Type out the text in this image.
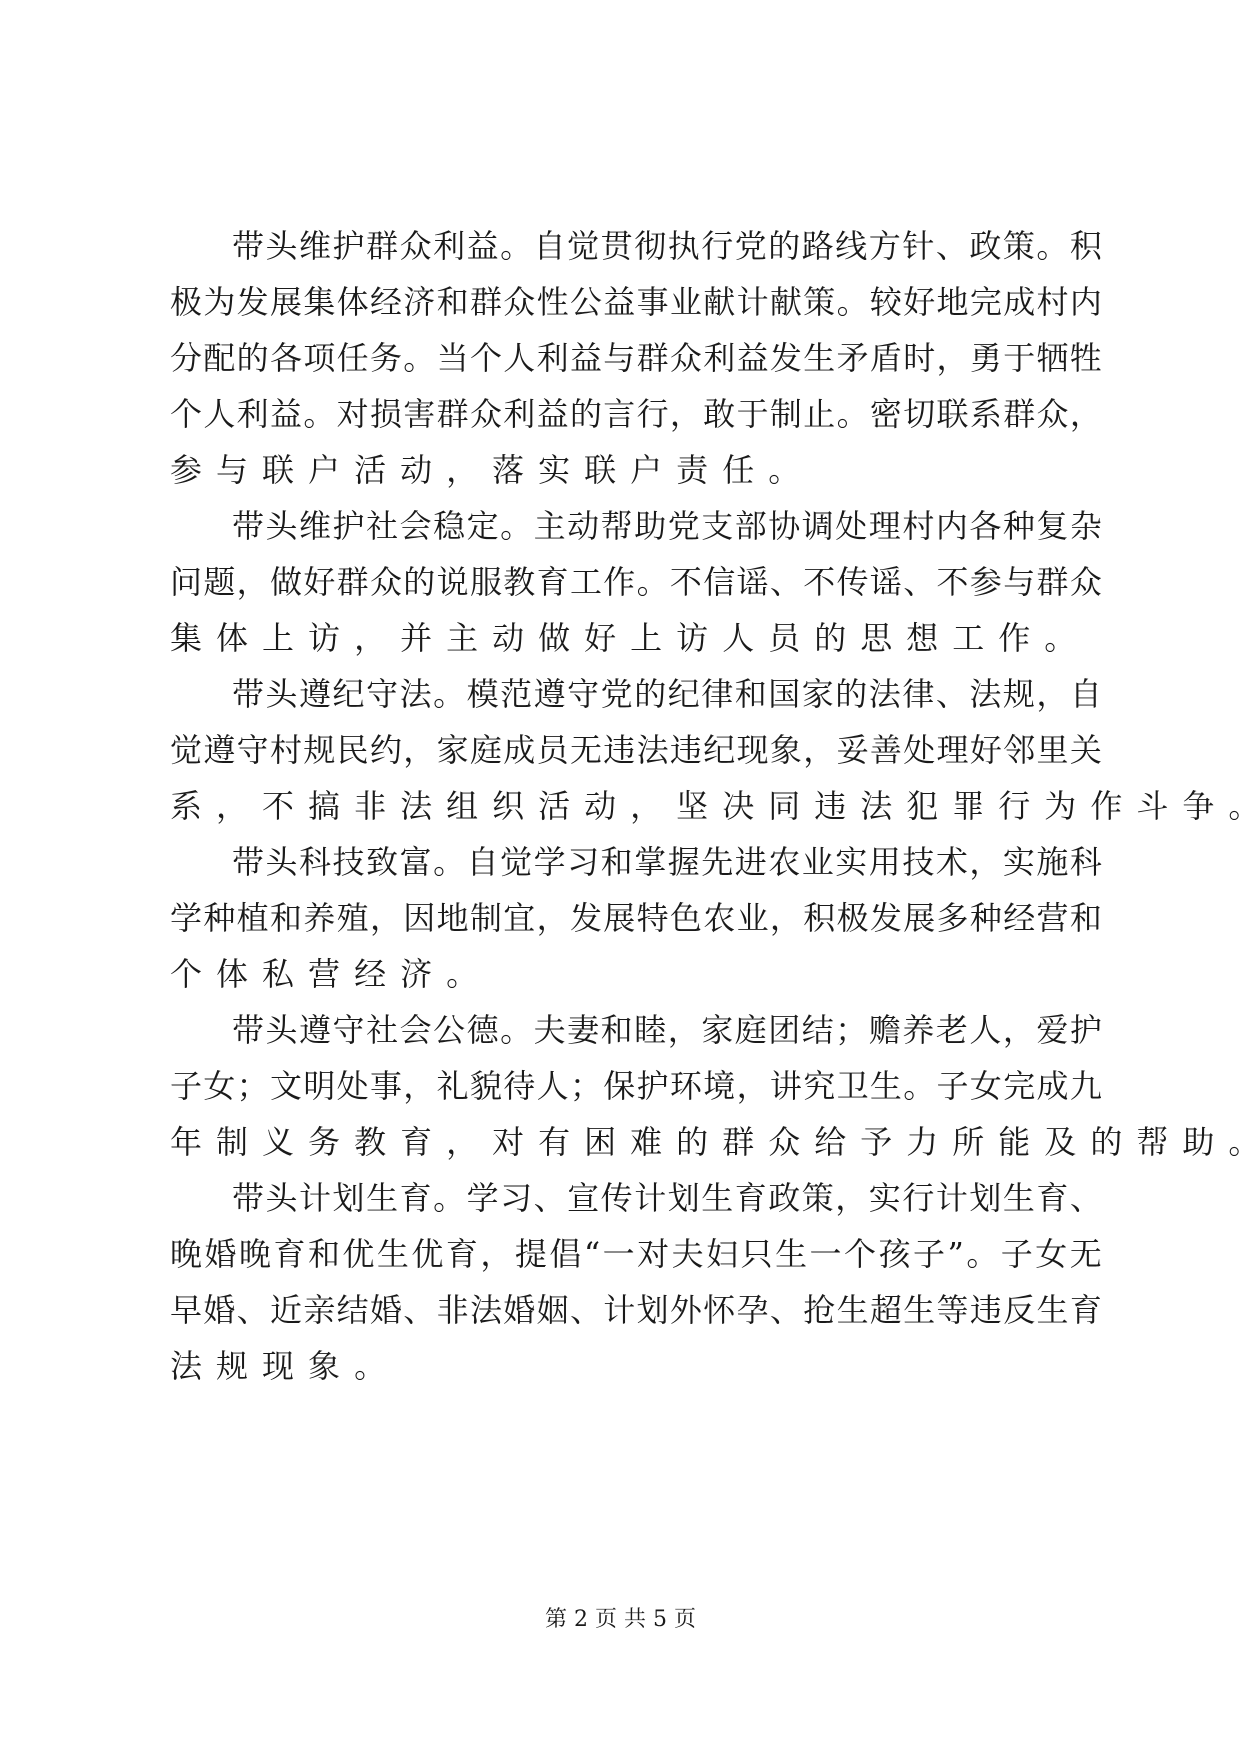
带 头 维 护 群 众 利 益 。 自 觉 贯 彻 执 行 党 的 路 线 方 针 、 政 策 。 积
极 为 发 展 集 体 经 济 和 群 众 性 公 益 事 业 献 计 献 策 。 较 好 地 完 成 村 内
分 配 的 各 项 任 务 。 当 个 人 利 益 与 群 众 利 益 发 生 矛 盾 时 ， 勇 于 牺 牲
个 人 利 益 。 对 损 害 群 众 利 益 的 言 行 ， 敢 于 制 止 。 密 切 联 系 群 众 ，
参 与 联 户 活 动 ， 落 实 联 户 责 任 。
带 头 维 护 社 会 稳 定 。 主 动 帮 助 党 支 部 协 调 处 理 村 内 各 种 复 杂
问 题 ， 做 好 群 众 的 说 服 教 育 工 作 。 不 信 谣 、 不 传 谣 、 不 参 与 群 众
集 体 上 访 ， 并 主 动 做 好 上 访 人 员 的 思 想 工 作 。
带 头 遵 纪 守 法 。 模 范 遵 守 党 的 纪 律 和 国 家 的 法 律 、 法 规 ， 自
觉 遵 守 村 规 民 约 ， 家 庭 成 员 无 违 法 违 纪 现 象 ， 妥 善 处 理 好 邻 里 关
系 ， 不 搞 非 法 组 织 活 动 ， 坚 决 同 违 法 犯 罪 行 为 作 斗 争 。
带 头 科 技 致 富 。 自 觉 学 习 和 掌 握 先 进 农 业 实 用 技 术 ， 实 施 科
学 种 植 和 养 殖 ， 因 地 制 宜 ， 发 展 特 色 农 业 ， 积 极 发 展 多 种 经 营 和
个 体 私 营 经 济 。
带 头 遵 守 社 会 公 德 。 夫 妻 和 睦 ， 家 庭 团 结 ； 赡 养 老 人 ， 爱 护
子 女 ； 文 明 处 事 ， 礼 貌 待 人 ； 保 护 环 境 ， 讲 究 卫 生 。 子 女 完 成 九
年 制 义 务 教 育 ， 对 有 困 难 的 群 众 给 予 力 所 能 及 的 帮 助 。
带 头 计 划 生 育 。 学 习 、 宣 传 计 划 生 育 政 策 ， 实 行 计 划 生 育 、
晚 婚 晚 育 和 优 生 优 育 ， 提 倡 “ 一 对 夫 妇 只 生 一 个 孩 子 ” 。 子 女 无
早 婚 、 近 亲 结 婚 、 非 法 婚 姻 、 计 划 外 怀 孕 、 抢 生 超 生 等 违 反 生 育
法 规 现 象 。
第 2 页 共 5 页
